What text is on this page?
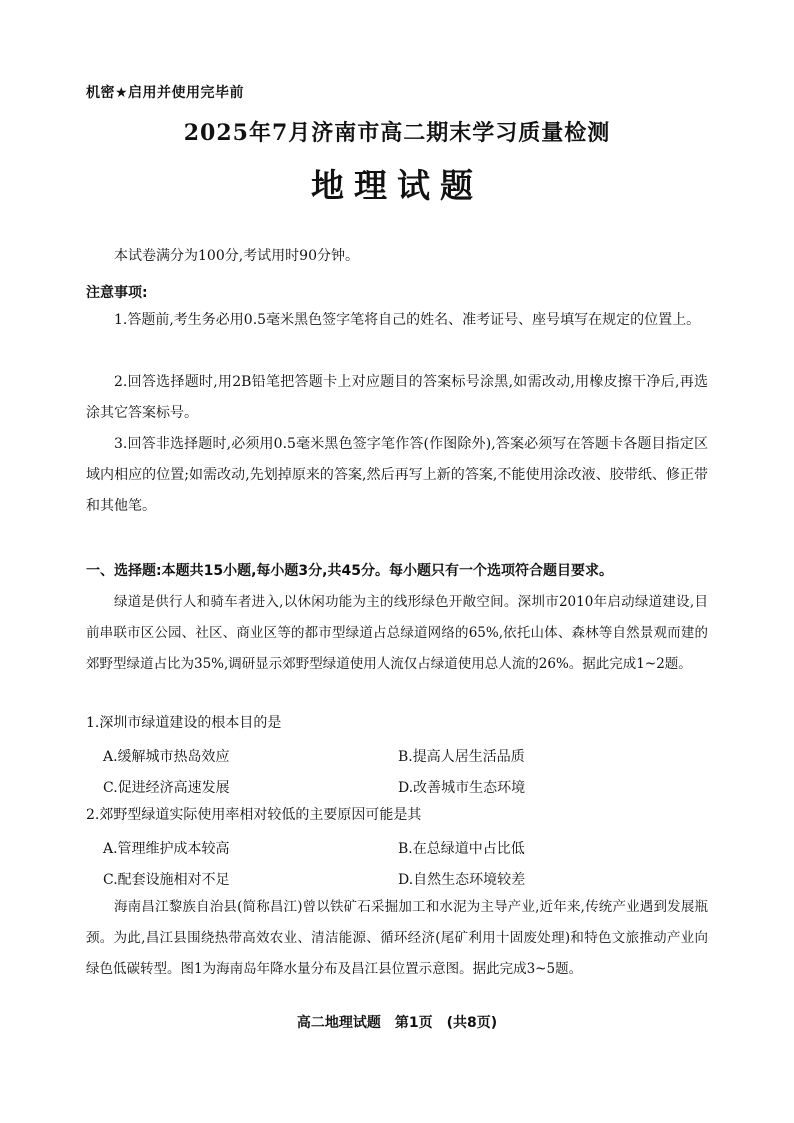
机密★启用并使用完毕前
2025年7月济南市高二期末学习质量检测
地理试题
本试卷满分为100分,考试用时90分钟。
注意事项:
1.答题前,考生务必用0.5毫米黑色签字笔将自己的姓名、准考证号、座号填写在规定的位置上。
2.回答选择题时,用2B铅笔把答题卡上对应题目的答案标号涂黑,如需改动,用橡皮擦干净后,再选涂其它答案标号。
3.回答非选择题时,必须用0.5毫米黑色签字笔作答(作图除外),答案必须写在答题卡各题目指定区域内相应的位置;如需改动,先划掉原来的答案,然后再写上新的答案,不能使用涂改液、胶带纸、修正带和其他笔。
一、选择题:本题共15小题,每小题3分,共45分。每小题只有一个选项符合题目要求。
绿道是供行人和骑车者进入,以休闲功能为主的线形绿色开敞空间。深圳市2010年启动绿道建设,目前串联市区公园、社区、商业区等的都市型绿道占总绿道网络的65%,依托山体、森林等自然景观而建的郊野型绿道占比为35%,调研显示郊野型绿道使用人流仅占绿道使用总人流的26%。据此完成1~2题。
1.深圳市绿道建设的根本目的是
A.缓解城市热岛效应	B.提高人居生活品质
C.促进经济高速发展	D.改善城市生态环境
2.郊野型绿道实际使用率相对较低的主要原因可能是其
A.管理维护成本较高	B.在总绿道中占比低
C.配套设施相对不足	D.自然生态环境较差
海南昌江黎族自治县(简称昌江)曾以铁矿石采掘加工和水泥为主导产业,近年来,传统产业遇到发展瓶颈。为此,昌江县围绕热带高效农业、清洁能源、循环经济(尾矿利用十固废处理)和特色文旅推动产业向绿色低碳转型。图1为海南岛年降水量分布及昌江县位置示意图。据此完成3~5题。
高二地理试题　第1页　(共8页)
